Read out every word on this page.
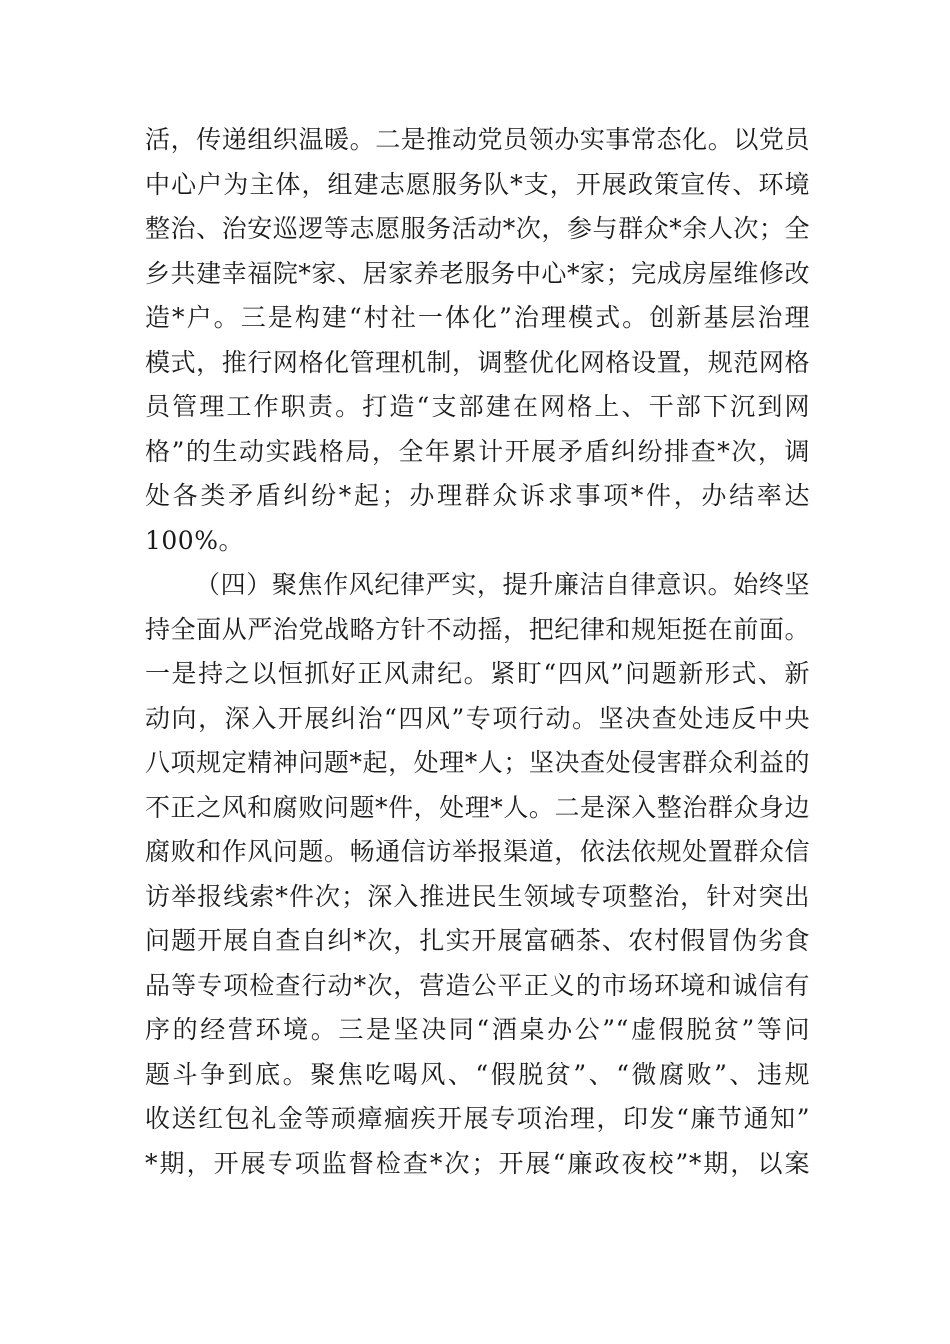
活，传递组织温暖。二是推动党员领办实事常态化。以党员
中心户为主体，组建志愿服务队*支，开展政策宣传、环境
整治、治安巡逻等志愿服务活动*次，参与群众*余人次；全
乡共建幸福院*家、居家养老服务中心*家；完成房屋维修改
造*户。三是构建“村社一体化”治理模式。创新基层治理
模式，推行网格化管理机制，调整优化网格设置，规范网格
员管理工作职责。打造“支部建在网格上、干部下沉到网
格”的生动实践格局，全年累计开展矛盾纠纷排查*次，调
处各类矛盾纠纷*起；办理群众诉求事项*件，办结率达
100%。
（四）聚焦作风纪律严实，提升廉洁自律意识。始终坚
持全面从严治党战略方针不动摇，把纪律和规矩挺在前面。
一是持之以恒抓好正风肃纪。紧盯“四风”问题新形式、新
动向，深入开展纠治“四风”专项行动。坚决查处违反中央
八项规定精神问题*起，处理*人；坚决查处侵害群众利益的
不正之风和腐败问题*件，处理*人。二是深入整治群众身边
腐败和作风问题。畅通信访举报渠道，依法依规处置群众信
访举报线索*件次；深入推进民生领域专项整治，针对突出
问题开展自查自纠*次，扎实开展富硒茶、农村假冒伪劣食
品等专项检查行动*次，营造公平正义的市场环境和诚信有
序的经营环境。三是坚决同“酒桌办公”“虚假脱贫”等问
题斗争到底。聚焦吃喝风、“假脱贫”、“微腐败”、违规
收送红包礼金等顽瘴痼疾开展专项治理，印发“廉节通知”
*期，开展专项监督检查*次；开展“廉政夜校”*期，以案
